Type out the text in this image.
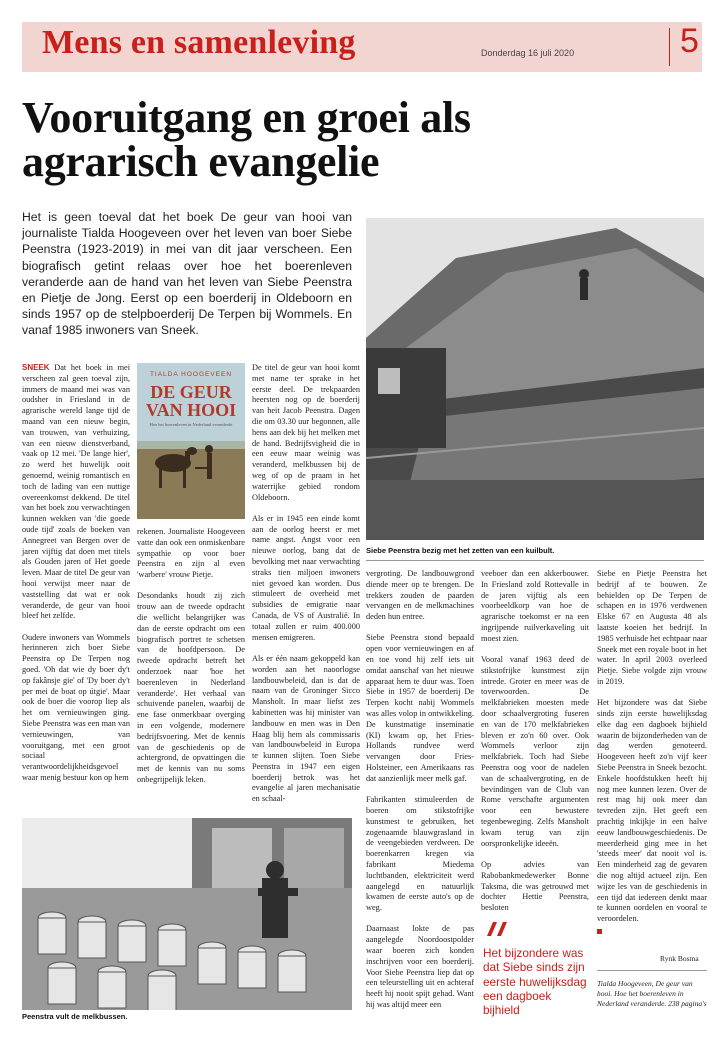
Mens en samenleving	Donderdag 16 juli 2020	5
Vooruitgang en groei als agrarisch evangelie

Het is geen toeval dat het boek De geur van hooi van journaliste Tialda Hoogeveen over het leven van boer Siebe Peenstra (1923-2019) in mei van dit jaar verscheen. Een biografisch getint relaas over hoe het boerenleven veranderde aan de hand van het leven van Siebe Peenstra en Pietje de Jong. Eerst op een boerderij in Oldeboorn en sinds 1957 op de stelpboerderij De Terpen bij Wommels. En vanaf 1985 inwoners van Sneek.

SNEEK Dat het boek in mei verscheen zal geen toeval zijn, immers de maand mei was van oudsher in Friesland in de agrarische wereld lange tijd de maand van een nieuw begin, van trouwen, van verhuizing, van een nieuw dienstverband, vaak op 12 mei. 'De lange hier', zo werd het huwelijk ooit genoemd, weinig romantisch en toch de lading van een nuttige overeenkomst dekkend. De titel van het boek zou verwachtingen kunnen wekken van 'die goede oude tijd' zoals de boeken van Annegreet van Bergen over de jaren vijftig dat doen met titels als Gouden jaren of Het goede leven. Maar de titel De geur van hooi verwijst meer naar de vaststelling dat wat er ook veranderde, de geur van hooi bleef het zelfde.

Oudere inwoners van Wommels herinneren zich boer Siebe Peenstra op De Terpen nog goed. 'Oh dat wie dy boer dy't op fakânsje gie' of 'Dy boer dy't per mei de boat op útgie'. Maar ook de boer die voorop liep als het om vernieuwingen ging. Siebe Peenstra was een man van vernieuwingen, van vooruitgang, met een groot sociaal verantwoordelijkheidsgevoel waar menig bestuur kon op hem

TIALDA HOOGEVEEN
DE GEUR VAN HOOI
Hoe het boerenleven in Nederland veranderde

rekenen. Journaliste Hoogeveen vatte dan ook een onmiskenbare sympathie op voor boer Peenstra en zijn al even 'warbere' vrouw Pietje.

Desondanks houdt zij zich trouw aan de tweede opdracht die wellicht belangrijker was dan de eerste opdracht om een biografisch portret te schetsen van de hoofdpersoon. De tweede opdracht betreft het onderzoek naar 'hoe het boerenleven in Nederland veranderde'. Het verhaal van schuivende panelen, waarbij de ene fase onmerkbaar overging in een volgende, modernere bedrijfsvoering. Met de kennis van de geschiedenis op de achtergrond, de opvattingen die met de kennis van nu soms onbegrijpelijk leken.

De titel de geur van hooi komt met name ter sprake in het eerste deel. De trekpaarden heersten nog op de boerderij van heit Jacob Peenstra. Dagen die om 03.30 uur begonnen, alle hens aan dek bij het melken met de hand. Bedrijfsvigheid die in een eeuw maar weinig was veranderd, melkbussen bij de weg of op de praam in het waterrijke gebied rondom Oldeboorn.

Als er in 1945 een einde komt aan de oorlog heerst er met name angst. Angst voor een nieuwe oorlog, bang dat de bevolking met naar verwachting straks tien miljoen inwoners niet gevoed kan worden. Dus stimuleert de overheid met subsidies de emigratie naar Canada, de VS of Australië. In totaal zullen er ruim 400.000 mensen emigreren.

Als er één naam gekoppeld kan worden aan het naoorlogse landbouwbeleid, dan is dat de naam van de Groninger Sicco Mansholt. In maar liefst zes kabinetten was hij minister van landbouw en men was in Den Haag blij hem als commissaris van landbouwbeleid in Europa te kunnen slijten. Toen Siebe Peenstra in 1947 een eigen boerderij betrok was het evangelie al jaren mechanisatie en schaal-

Siebe Peenstra bezig met het zetten van een kuilbult.

vergroting. De landbouwgrond diende meer op te brengen. De trekkers zouden de paarden vervangen en de melkmachines deden hun entree.

Siebe Peenstra stond bepaald open voor vernieuwingen en af en toe vond hij zelf iets uit omdat aanschaf van het nieuwe apparaat hem te duur was. Toen Siebe in 1957 de boerderij De Terpen kocht nabij Wommels was alles volop in ontwikkeling. De kunstmatige inseminatie (KI) kwam op, het Fries-Hollands rundvee werd vervangen door Fries-Holsteiner, een Amerikaans ras dat aanzienlijk meer melk gaf.

Fabrikanten stimuleerden de boeren om stikstofrijke kunstmest te gebruiken, het zogenaamde blauwgrasland in de veengebieden verdween. De boerenkarren kregen via fabrikant Miedema luchtbanden, elektriciteit werd aangelegd en natuurlijk kwamen de eerste auto's op de weg.

Daarnaast lokte de pas aangelegde Noordoostpolder waar boeren zich konden inschrijven voor een boerderij. Voor Siebe Peenstra liep dat op een teleurstelling uit en achteraf heeft hij nooit spijt gehad. Want hij was altijd meer een

veeboer dan een akkerbouwer. In Friesland zold Rottevalle in de jaren vijftig als een voorbeeldkorp van hoe de agrarische toekomst er na een ingrijpende ruilverkaveling uit moest zien.

Vooral vanaf 1963 deed de stikstofrijke kunstmest zijn intrede. Groter en meer was de toverwoorden. De melkfabrieken moesten mede door schaalvergroting fuseren en van de 170 melkfabrieken bleven er zo'n 60 over. Ook Wommels verloor zijn melkfabriek. Toch had Siebe Peenstra oog voor de nadelen van de schaalvergroting, en de bevindingen van de Club van Rome verschafte argumenten voor een bewustere tegenbeweging. Zelfs Mansholt kwam terug van zijn oorspronkelijke ideeën.

Op advies van Rabobankmedewerker Bonne Taksma, die was getrouwd met dochter Hettie Peenstra, besloten

Het bijzondere was dat Siebe sinds zijn eerste huwelijksdag een dagboek bijhield

Siebe en Pietje Peenstra het bedrijf af te bouwen. Ze behielden op De Terpen de schapen en in 1976 verdwenen Elske 67 en Augusta 48 als laatste koeien het bedrijf. In 1985 verhuisde het echtpaar naar Sneek met een royale boot in het water. In april 2003 overleed Pietje. Siebe volgde zijn vrouw in 2019.

Het bijzondere was dat Siebe sinds zijn eerste huwelijksdag elke dag een dagboek bijhield waarin de bijzonderheden van de dag werden genoteerd. Hoogeveen heeft zo'n vijf keer Siebe Peenstra in Sneek bezocht. Enkele hoofdstukken heeft hij nog mee kunnen lezen. Over de rest mag hij ook meer dan tevreden zijn. Het geeft een prachtig inkijkje in een halve eeuw landbouwgeschiedenis. De meerderheid ging mee in het 'steeds meer' dat nooit vol is. Een minderheid zag de gevaren die nog altijd actueel zijn. Een wijze les van de geschiedenis in een tijd dat iedereen denkt maar te kunnen oordelen en vooral te veroordelen.

Rynk Bosma
Tialda Hoogeveen, De geur van hooi. Hoe het boerenleven in Nederland veranderde. 238 pagina's
Peenstra vult de melkbussen.
